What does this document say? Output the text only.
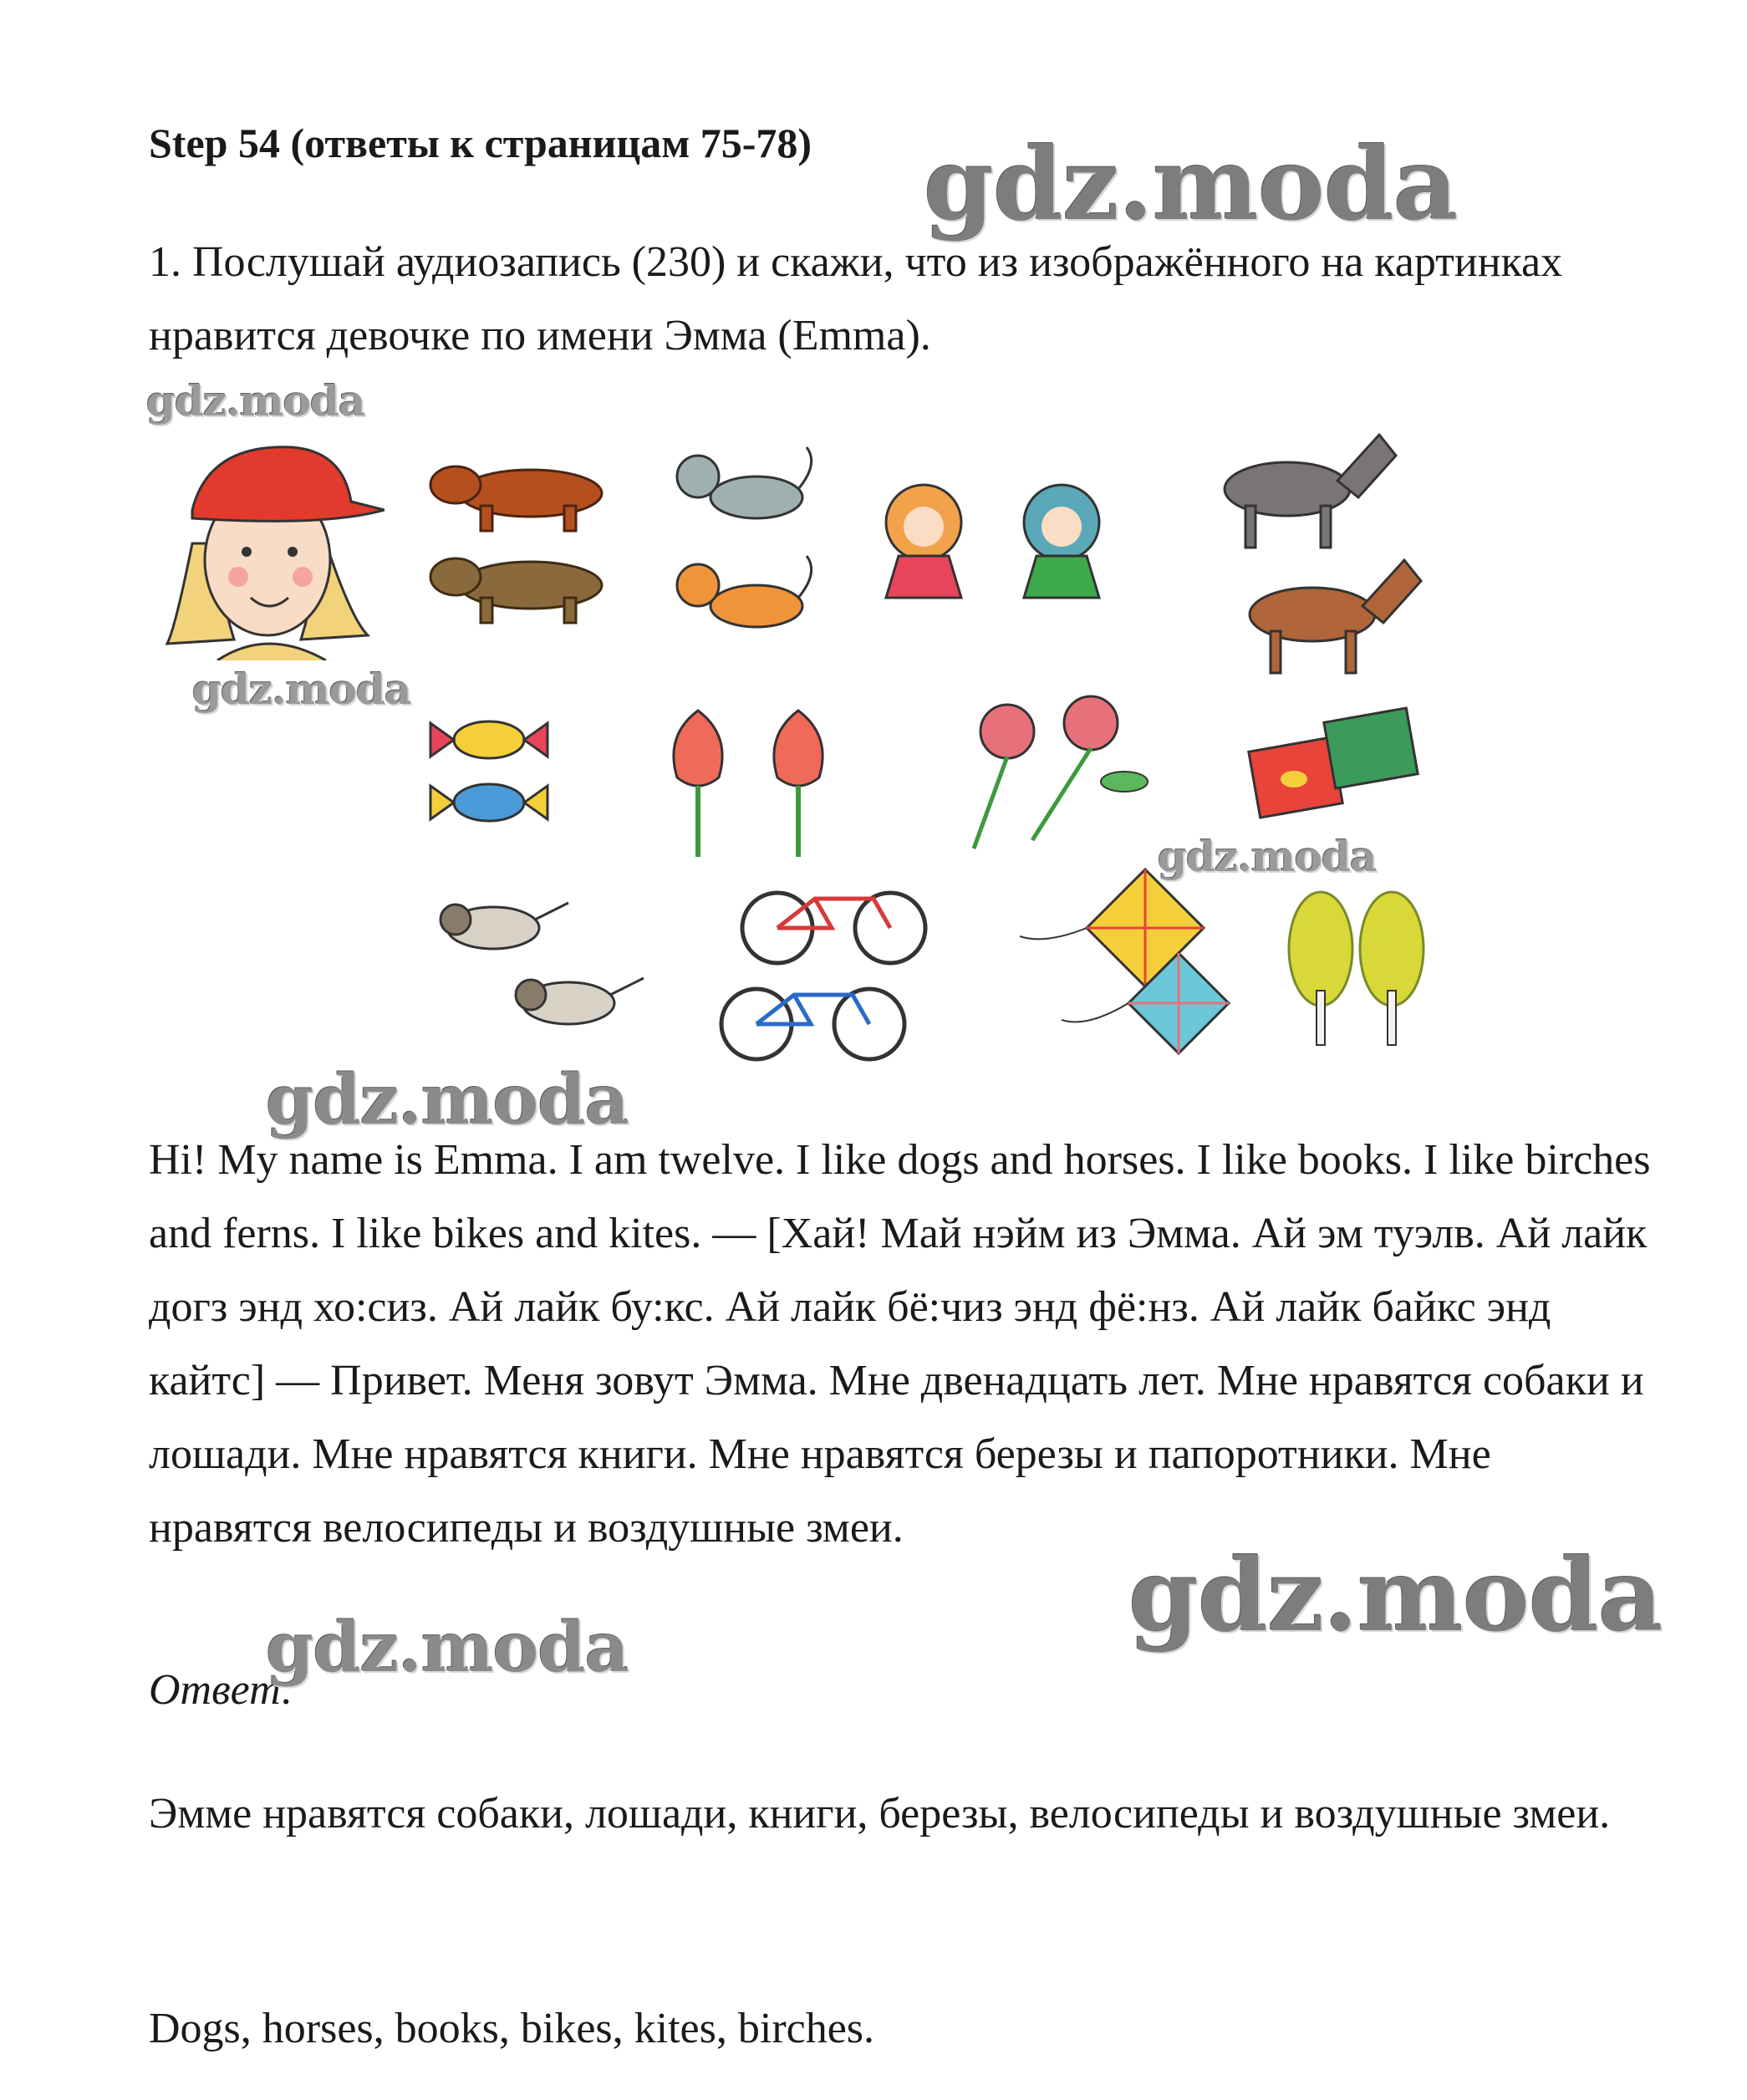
Step 54 (ответы к страницам 75-78)

1. Послушай аудиозапись (230) и скажи, что из изображённого на картинках нравится девочке по имени Эмма (Emma).

Hi! My name is Emma. I am twelve. I like dogs and horses. I like books. I like birches and ferns. I like bikes and kites. — [Хай! Май нэйм из Эмма. Ай эм туэлв. Ай лайк догз энд хо:сиз. Ай лайк бу:кс. Ай лайк бё:чиз энд фё:нз. Ай лайк байкс энд кайтс] — Привет. Меня зовут Эмма. Мне двенадцать лет. Мне нравятся собаки и лошади. Мне нравятся книги. Мне нравятся березы и папоротники. Мне нравятся велосипеды и воздушные змеи.

Ответ:

Эмме нравятся собаки, лошади, книги, березы, велосипеды и воздушные змеи.

Dogs, horses, books, bikes, kites, birches.

gdz.moda
gdz.moda
gdz.moda
gdz.moda
gdz.moda
gdz.moda
gdz.moda
